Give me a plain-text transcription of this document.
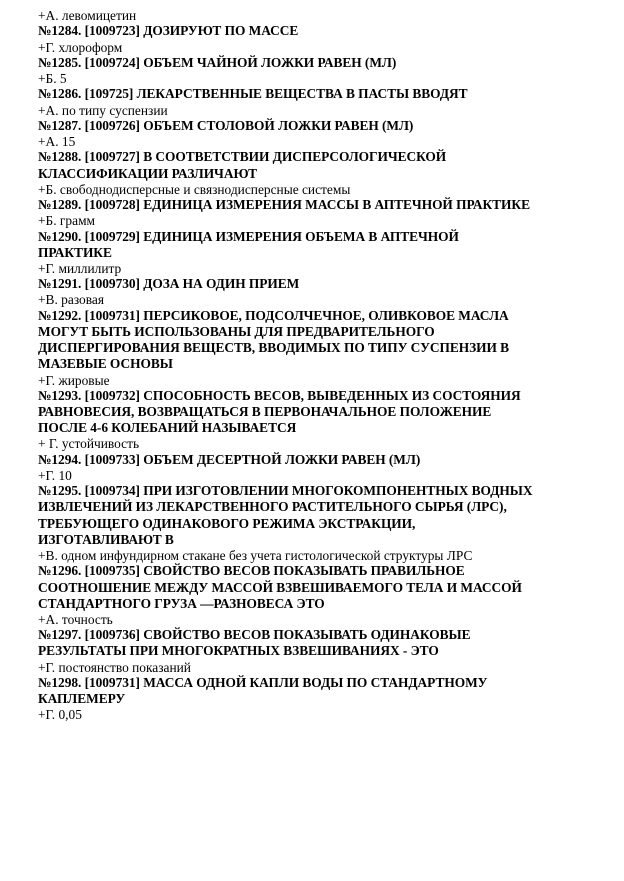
+А. левомицетин
№1284. [1009723] ДОЗИРУЮТ ПО МАССЕ
+Г. хлороформ
№1285. [1009724] ОБЪЕМ ЧАЙНОЙ ЛОЖКИ РАВЕН (МЛ)
+Б. 5
№1286. [109725] ЛЕКАРСТВЕННЫЕ ВЕЩЕСТВА В ПАСТЫ ВВОДЯТ
+А. по типу суспензии
№1287. [1009726] ОБЪЕМ СТОЛОВОЙ ЛОЖКИ РАВЕН (МЛ)
+А. 15
№1288. [1009727] В СООТВЕТСТВИИ ДИСПЕРСОЛОГИЧЕСКОЙ
КЛАССИФИКАЦИИ РАЗЛИЧАЮТ
+Б. свободнодисперсные и связнодисперсные системы
№1289. [1009728] ЕДИНИЦА ИЗМЕРЕНИЯ МАССЫ В АПТЕЧНОЙ ПРАКТИКЕ
+Б. грамм
№1290. [1009729] ЕДИНИЦА ИЗМЕРЕНИЯ ОБЪЕМА В АПТЕЧНОЙ
ПРАКТИКЕ
+Г. миллилитр
№1291. [1009730] ДОЗА НА ОДИН ПРИЕМ
+В. разовая
№1292. [1009731] ПЕРСИКОВОЕ, ПОДСОЛЧЕЧНОЕ, ОЛИВКОВОЕ МАСЛА
МОГУТ БЫТЬ ИСПОЛЬЗОВАНЫ ДЛЯ ПРЕДВАРИТЕЛЬНОГО
ДИСПЕРГИРОВАНИЯ ВЕЩЕСТВ, ВВОДИМЫХ ПО ТИПУ СУСПЕНЗИИ В
МАЗЕВЫЕ ОСНОВЫ
+Г. жировые
№1293. [1009732] СПОСОБНОСТЬ ВЕСОВ, ВЫВЕДЕННЫХ ИЗ СОСТОЯНИЯ
РАВНОВЕСИЯ, ВОЗВРАЩАТЬСЯ В ПЕРВОНАЧАЛЬНОЕ ПОЛОЖЕНИЕ
ПОСЛЕ 4-6 КОЛЕБАНИЙ НАЗЫВАЕТСЯ
+ Г. устойчивость
№1294. [1009733] ОБЪЕМ ДЕСЕРТНОЙ ЛОЖКИ РАВЕН (МЛ)
+Г. 10
№1295. [1009734] ПРИ ИЗГОТОВЛЕНИИ МНОГОКОМПОНЕНТНЫХ ВОДНЫХ
ИЗВЛЕЧЕНИЙ ИЗ ЛЕКАРСТВЕННОГО РАСТИТЕЛЬНОГО СЫРЬЯ (ЛРС),
ТРЕБУЮЩЕГО ОДИНАКОВОГО РЕЖИМА ЭКСТРАКЦИИ,
ИЗГОТАВЛИВАЮТ В
+В. одном инфундирном стакане без учета гистологической структуры ЛРС
№1296. [1009735] СВОЙСТВО ВЕСОВ ПОКАЗЫВАТЬ ПРАВИЛЬНОЕ
СООТНОШЕНИЕ МЕЖДУ МАССОЙ ВЗВЕШИВАЕМОГО ТЕЛА И МАССОЙ
СТАНДАРТНОГО ГРУЗА —РАЗНОВЕСА ЭТО
+А. точность
№1297. [1009736] СВОЙСТВО ВЕСОВ ПОКАЗЫВАТЬ ОДИНАКОВЫЕ
РЕЗУЛЬТАТЫ ПРИ МНОГОКРАТНЫХ ВЗВЕШИВАНИЯХ - ЭТО
+Г. постоянство показаний
№1298. [1009731] МАССА ОДНОЙ КАПЛИ ВОДЫ ПО СТАНДАРТНОМУ
КАПЛЕМЕРУ
+Г. 0,05
